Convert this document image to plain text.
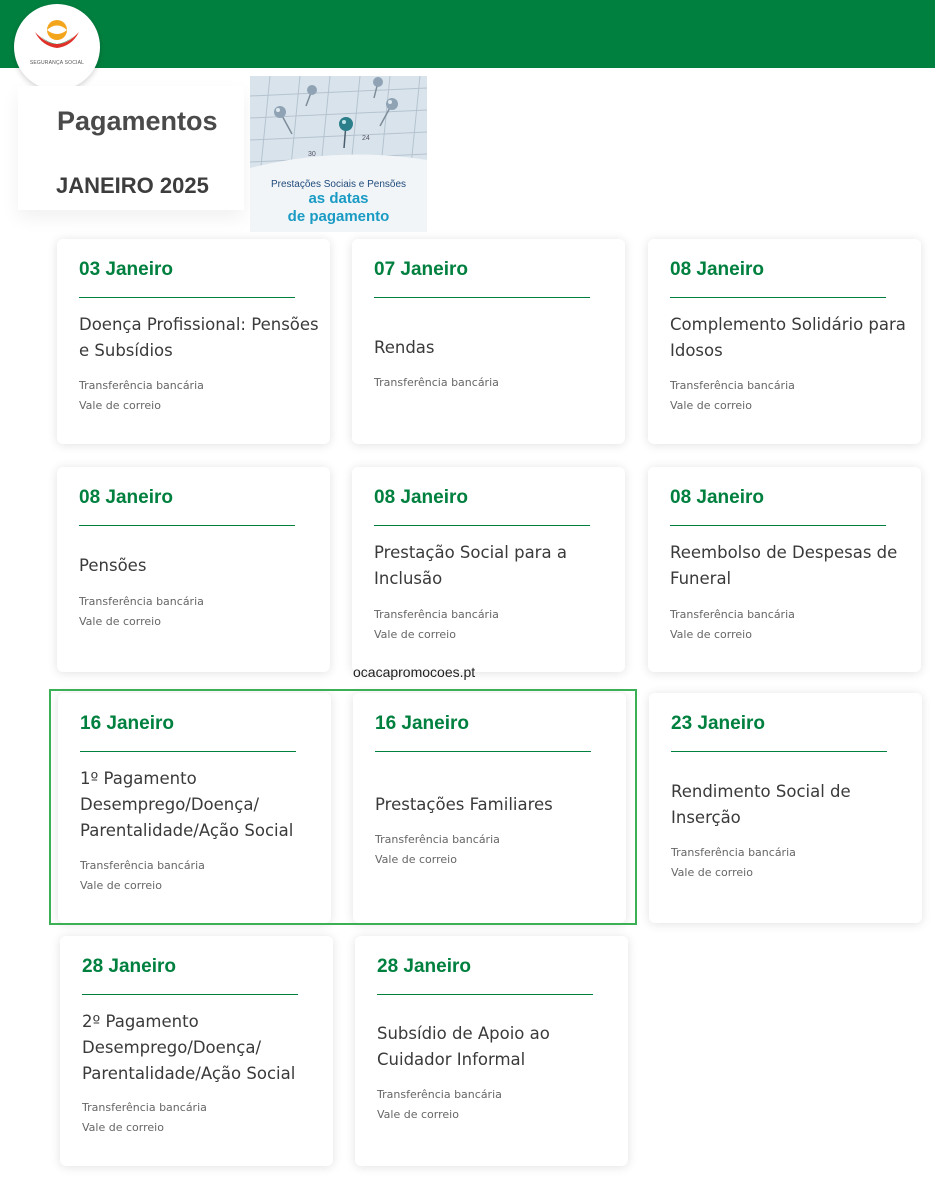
SEGURANÇA SOCIAL
Pagamentos
JANEIRO 2025
24
30
Prestações Sociais e Pensões
as datas
de pagamento
03 Janeiro
Doença Profissional: Pensões e Subsídios
Transferência bancária
Vale de correio
07 Janeiro
Rendas
Transferência bancária
08 Janeiro
Complemento Solidário para Idosos
Transferência bancária
Vale de correio
08 Janeiro
Pensões
Transferência bancária
Vale de correio
08 Janeiro
Prestação Social para a Inclusão
Transferência bancária
Vale de correio
08 Janeiro
Reembolso de Despesas de Funeral
Transferência bancária
Vale de correio
ocacapromocoes.pt
16 Janeiro
1º Pagamento Desemprego/Doença/ Parentalidade/Ação Social
Transferência bancária
Vale de correio
16 Janeiro
Prestações Familiares
Transferência bancária
Vale de correio
23 Janeiro
Rendimento Social de Inserção
Transferência bancária
Vale de correio
28 Janeiro
2º Pagamento Desemprego/Doença/ Parentalidade/Ação Social
Transferência bancária
Vale de correio
28 Janeiro
Subsídio de Apoio ao Cuidador Informal
Transferência bancária
Vale de correio
